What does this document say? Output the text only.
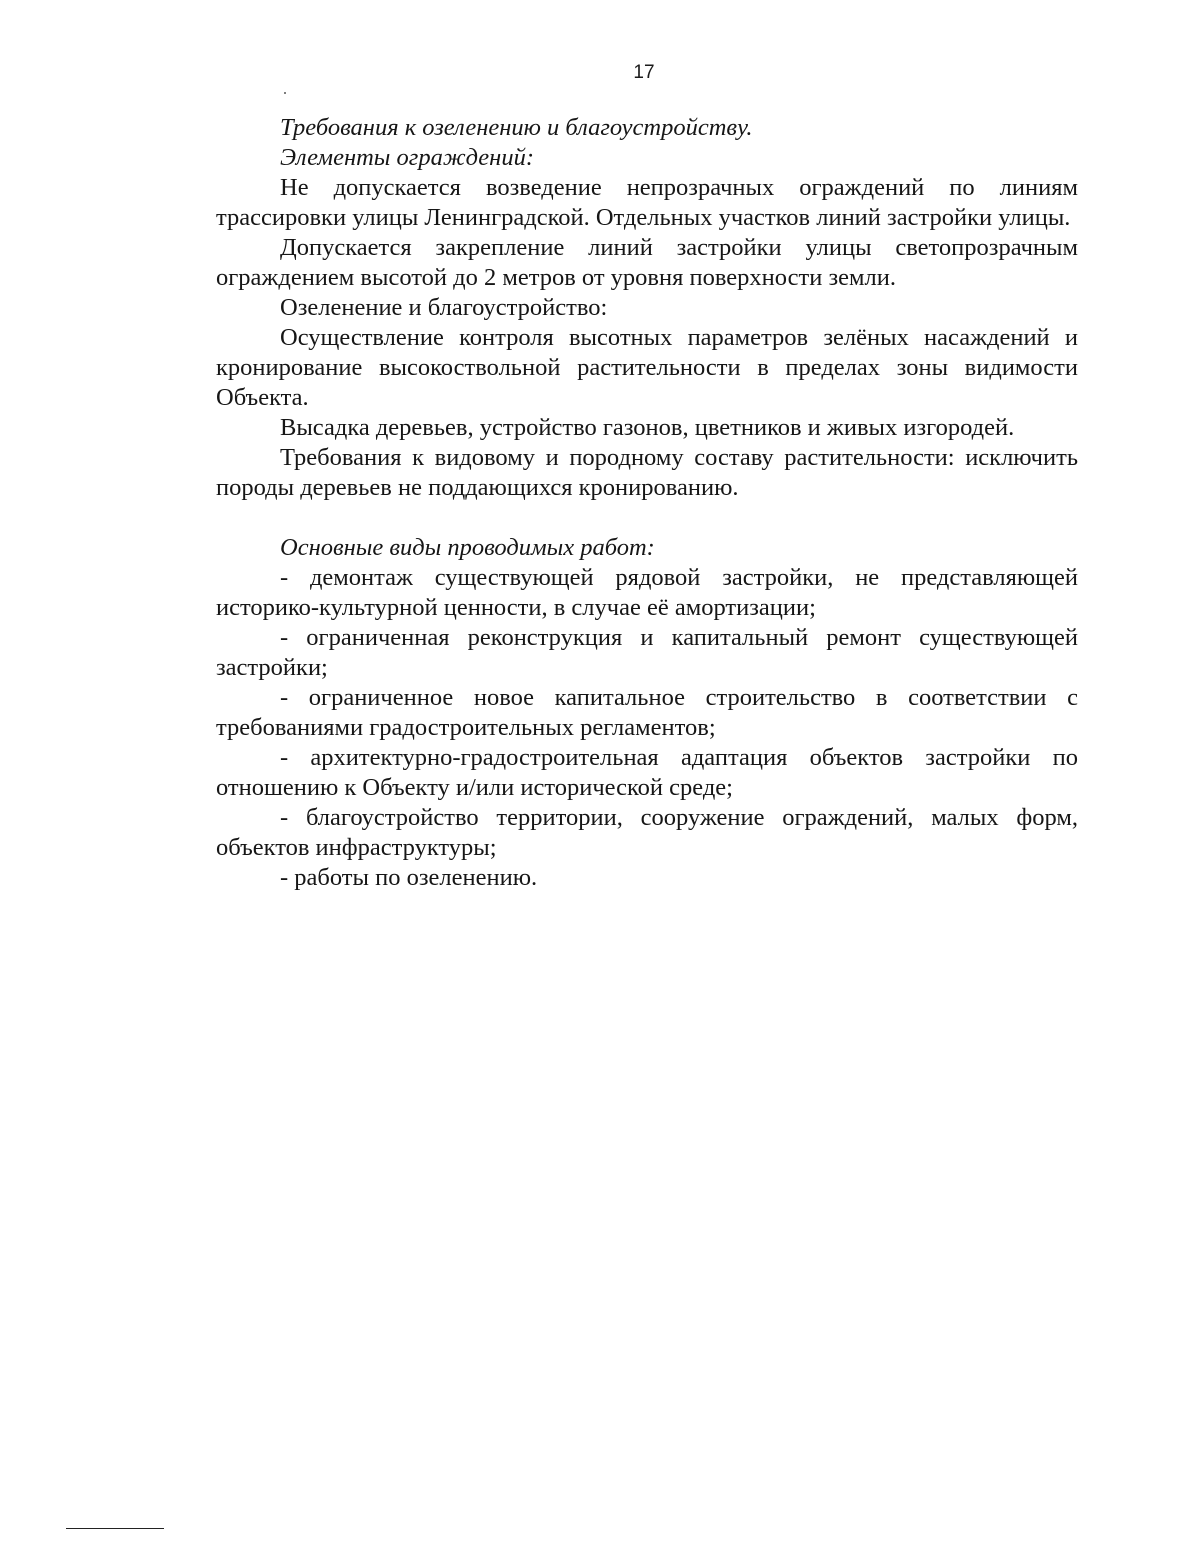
17

Требования к озеленению и благоустройству.

Элементы ограждений:

Не допускается возведение непрозрачных ограждений по линиям трассировки улицы Ленинградской. Отдельных участков линий застройки улицы.

Допускается закрепление линий застройки улицы светопрозрачным ограждением высотой до 2 метров от уровня поверхности земли.

Озеленение и благоустройство:

Осуществление контроля высотных параметров зелёных насаждений и кронирование высокоствольной растительности в пределах зоны видимости Объекта.

Высадка деревьев, устройство газонов, цветников и живых изгородей.

Требования к видовому и породному составу растительности: исключить породы деревьев не поддающихся кронированию.

Основные виды проводимых работ:

- демонтаж существующей рядовой застройки, не представляющей историко-культурной ценности, в случае её амортизации;

- ограниченная реконструкция и капитальный ремонт существующей застройки;

- ограниченное новое капитальное строительство в соответствии с требованиями градостроительных регламентов;

- архитектурно-градостроительная адаптация объектов застройки по отношению к Объекту и/или исторической среде;

- благоустройство территории, сооружение ограждений, малых форм, объектов инфраструктуры;

- работы по озеленению.
